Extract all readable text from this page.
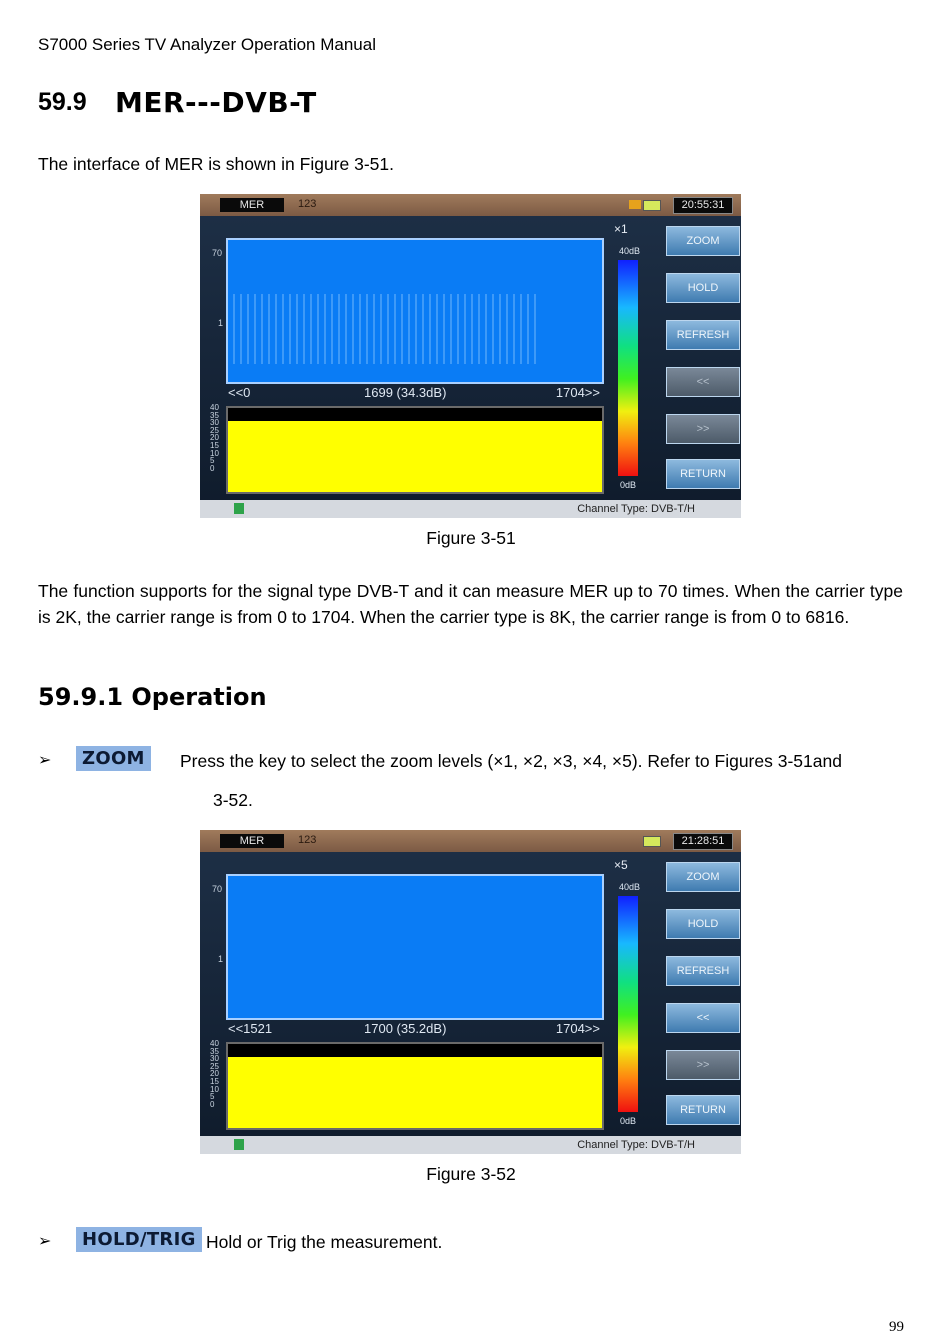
S7000 Series TV Analyzer Operation Manual
59.9 MER---DVB-T
The interface of MER is shown in Figure 3-51.
MER	123	20:55:31
70
1
<<0	1699 (34.3dB)	1704>>
40
35
30
25
20
15
10
5
0
×1
40dB
0dB
ZOOM
HOLD
REFRESH
<<
>>
RETURN
Channel Type: DVB-T/H
Figure 3-51
The function supports for the signal type DVB-T and it can measure MER up to 70 times. When the carrier type is 2K, the carrier range is from 0 to 1704. When the carrier type is 8K, the carrier range is from 0 to 6816.
59.9.1 Operation
➢	ZOOM	Press the key to select the zoom levels (×1, ×2, ×3, ×4, ×5). Refer to Figures 3-51and
3-52.
MER	123	21:28:51
70
1
<<1521	1700 (35.2dB)	1704>>
40
35
30
25
20
15
10
5
0
×5
40dB
0dB
ZOOM
HOLD
REFRESH
<<
>>
RETURN
Channel Type: DVB-T/H
Figure 3-52
➢	HOLD/TRIG Hold or Trig the measurement.
99
